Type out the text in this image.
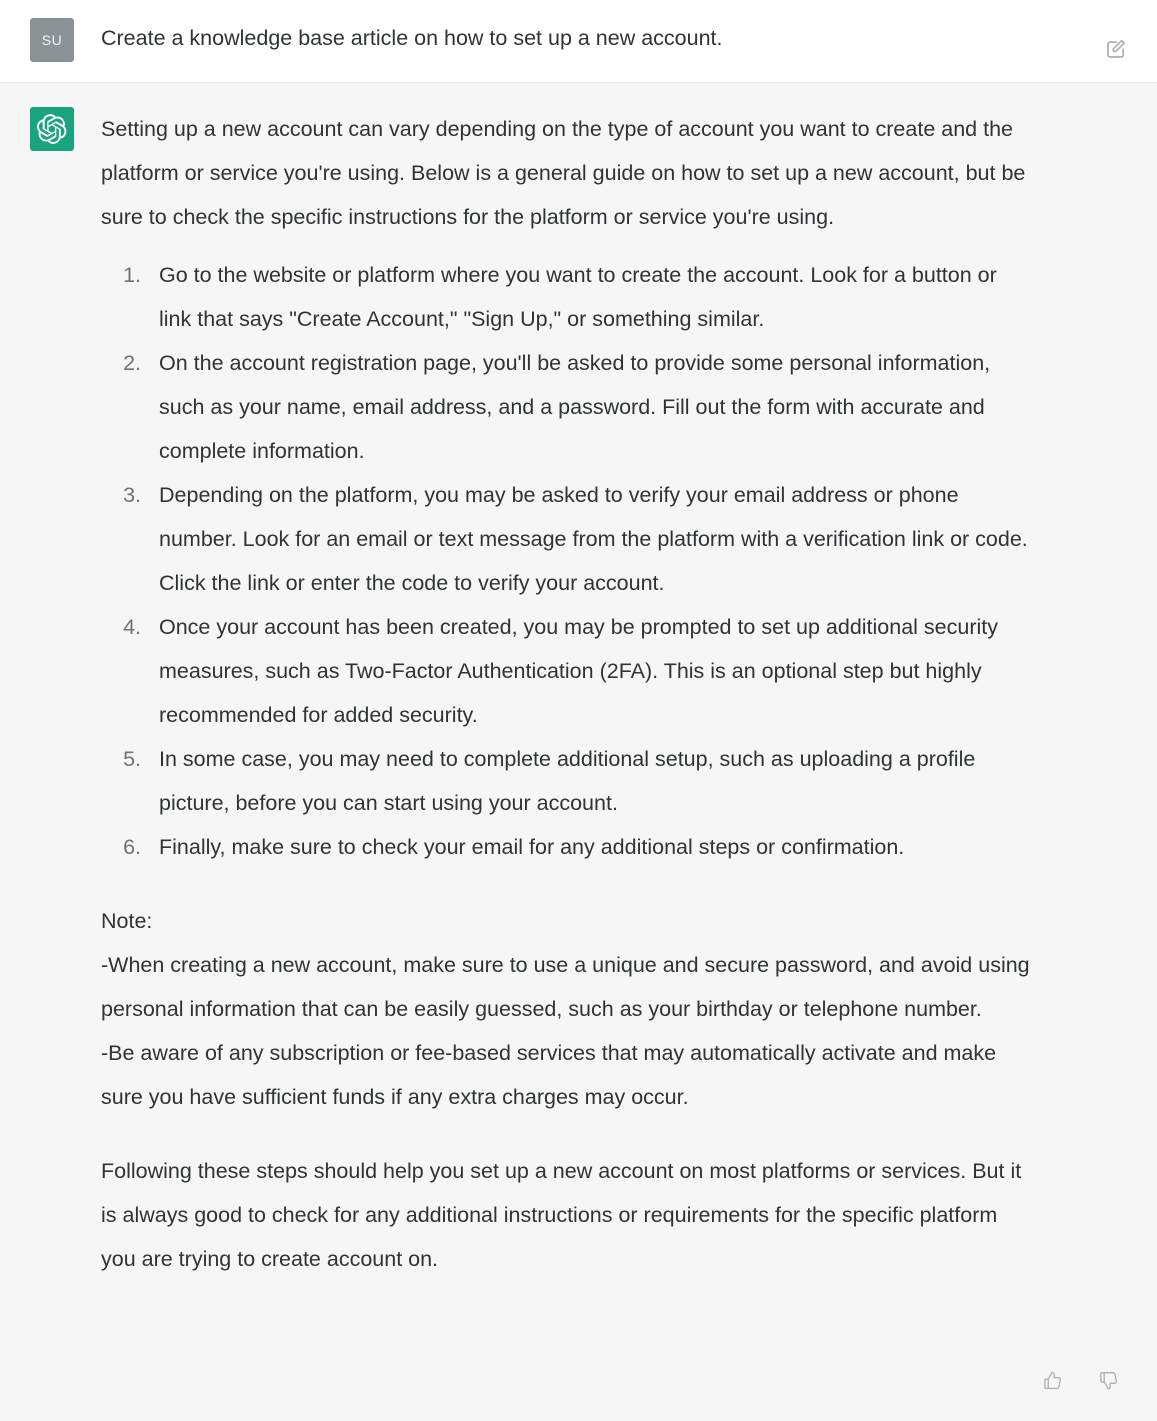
SU Create a knowledge base article on how to set up a new account.

Setting up a new account can vary depending on the type of account you want to create and the platform or service you're using. Below is a general guide on how to set up a new account, but be sure to check the specific instructions for the platform or service you're using.

1. Go to the website or platform where you want to create the account. Look for a button or link that says "Create Account," "Sign Up," or something similar.
2. On the account registration page, you'll be asked to provide some personal information, such as your name, email address, and a password. Fill out the form with accurate and complete information.
3. Depending on the platform, you may be asked to verify your email address or phone number. Look for an email or text message from the platform with a verification link or code. Click the link or enter the code to verify your account.
4. Once your account has been created, you may be prompted to set up additional security measures, such as Two-Factor Authentication (2FA). This is an optional step but highly recommended for added security.
5. In some case, you may need to complete additional setup, such as uploading a profile picture, before you can start using your account.
6. Finally, make sure to check your email for any additional steps or confirmation.

Note:

-When creating a new account, make sure to use a unique and secure password, and avoid using personal information that can be easily guessed, such as your birthday or telephone number.

-Be aware of any subscription or fee-based services that may automatically activate and make sure you have sufficient funds if any extra charges may occur.

Following these steps should help you set up a new account on most platforms or services. But it is always good to check for any additional instructions or requirements for the specific platform you are trying to create account on.
